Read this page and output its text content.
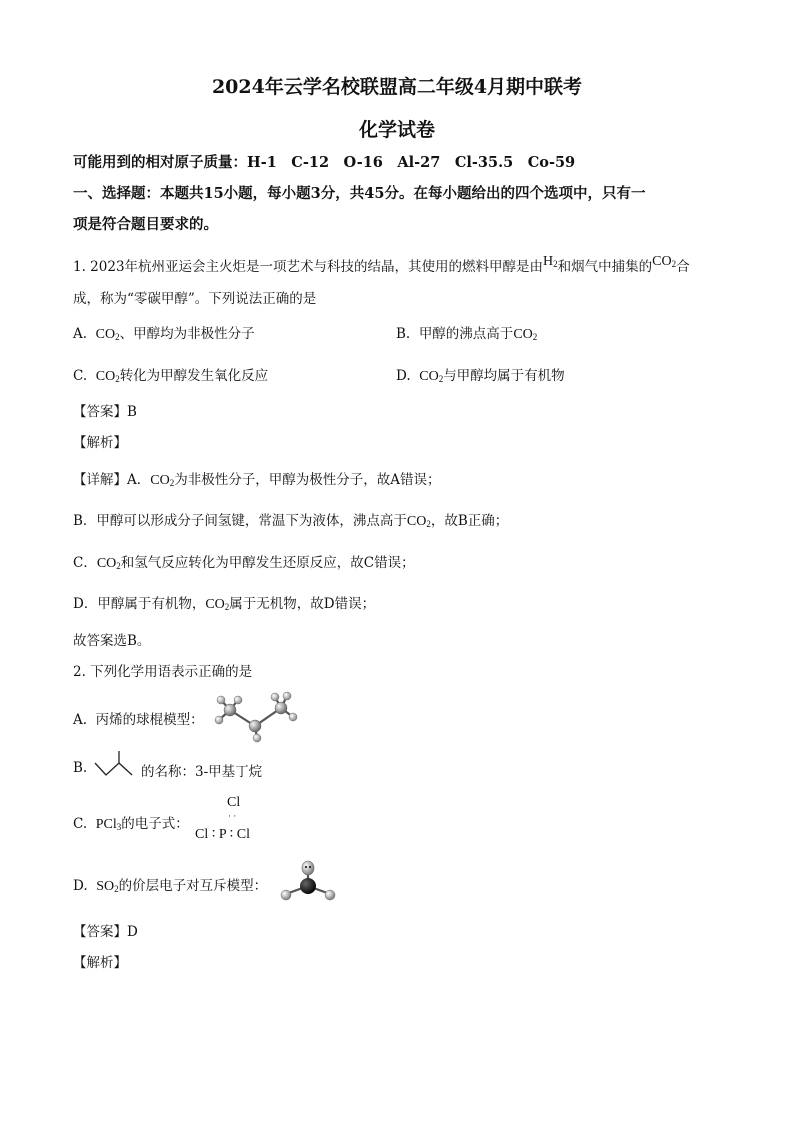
2024年云学名校联盟高二年级4月期中联考
化学试卷
可能用到的相对原子质量：H-1　C-12　O-16　Al-27　Cl-35.5　Co-59
一、选择题：本题共15小题，每小题3分，共45分。在每小题给出的四个选项中，只有一
项是符合题目要求的。
1. 2023年杭州亚运会主火炬是一项艺术与科技的结晶，其使用的燃料甲醇是由$H_2$和烟气中捕集的$CO_2$合
成，称为“零碳甲醇”。下列说法正确的是
A. $CO_2$、甲醇均为非极性分子	B. 甲醇的沸点高于$CO_2$
C. $CO_2$转化为甲醇发生氧化反应	D. $CO_2$与甲醇均属于有机物
【答案】B
【解析】
【详解】A．$CO_2$为非极性分子，甲醇为极性分子，故A错误；
B．甲醇可以形成分子间氢键，常温下为液体，沸点高于$CO_2$，故B正确；
C．$CO_2$和氢气反应转化为甲醇发生还原反应，故C错误；
D．甲醇属于有机物，$CO_2$属于无机物，故D错误；
故答案选B。
2. 下列化学用语表示正确的是
A. 丙烯的球棍模型：
B.	的名称：3-甲基丁烷
C. PCl$_3$的电子式：
Cl
· ·
Cl ∶ P ∶ Cl
D. $SO_2$的价层电子对互斥模型：
【答案】D
【解析】
